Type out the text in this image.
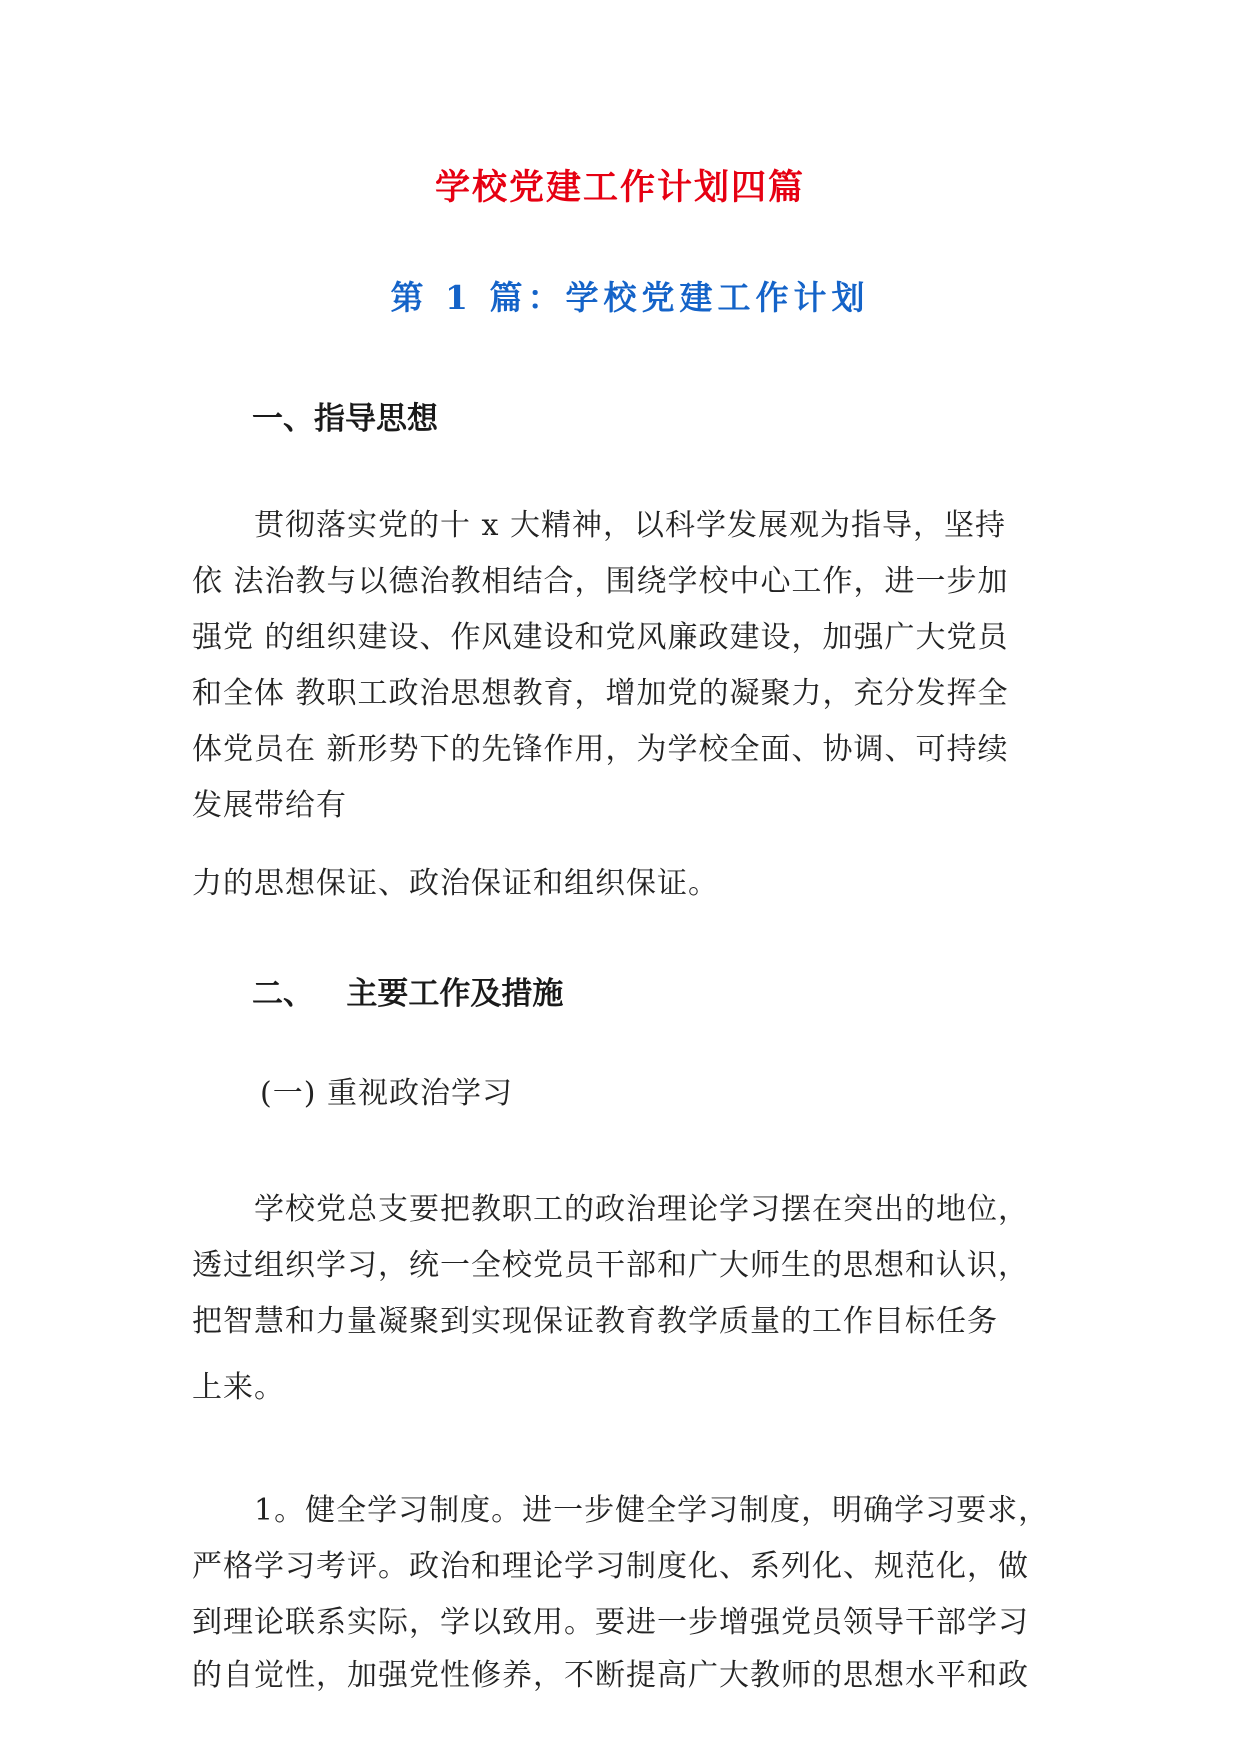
学校党建工作计划四篇
第 1 篇：学校党建工作计划
一、指导思想
贯彻落实党的十 x 大精神，以科学发展观为指导，坚持
依 法治教与以德治教相结合，围绕学校中心工作，进一步加
强党 的组织建设、作风建设和党风廉政建设，加强广大党员
和全体 教职工政治思想教育，增加党的凝聚力，充分发挥全
体党员在 新形势下的先锋作用，为学校全面、协调、可持续
发展带给有
力的思想保证、政治保证和组织保证。
二、   主要工作及措施
(一) 重视政治学习
学校党总支要把教职工的政治理论学习摆在突出的地位，
透过组织学习，统一全校党员干部和广大师生的思想和认识，
把智慧和力量凝聚到实现保证教育教学质量的工作目标任务
上来。
1。健全学习制度。进一步健全学习制度，明确学习要求，
严格学习考评。政治和理论学习制度化、系列化、规范化，做
到理论联系实际，学以致用。要进一步增强党员领导干部学习
的自觉性，加强党性修养，不断提高广大教师的思想水平和政
